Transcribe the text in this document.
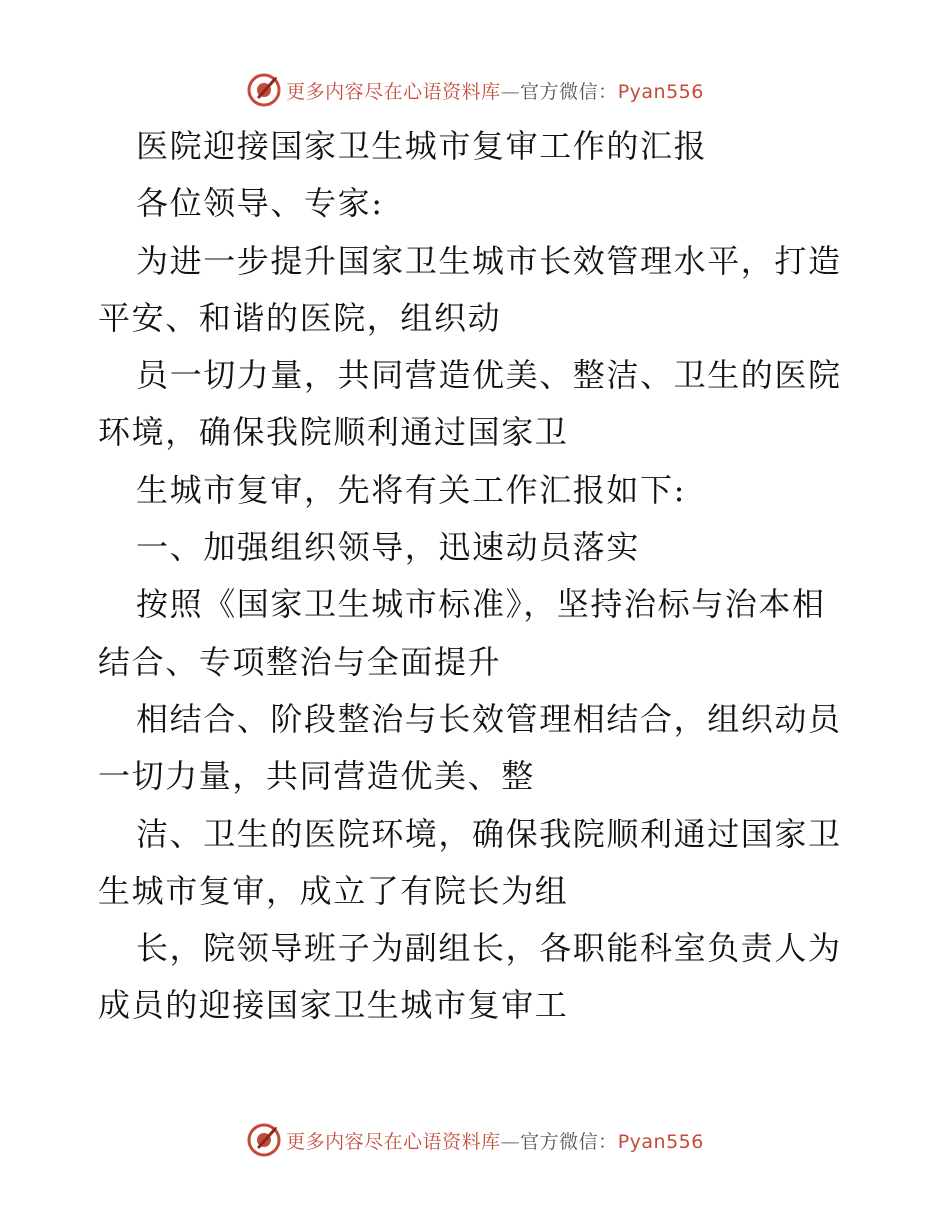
更多内容尽在心语资料库—官方微信：Pyan556
医院迎接国家卫生城市复审工作的汇报
各位领导、专家:
为进一步提升国家卫生城市长效管理水平，打造
平安、和谐的医院，组织动
员一切力量，共同营造优美、整洁、卫生的医院
环境，确保我院顺利通过国家卫
生城市复审，先将有关工作汇报如下:
一、加强组织领导，迅速动员落实
按照《国家卫生城市标准》，坚持治标与治本相
结合、专项整治与全面提升
相结合、阶段整治与长效管理相结合，组织动员
一切力量，共同营造优美、整
洁、卫生的医院环境，确保我院顺利通过国家卫
生城市复审，成立了有院长为组
长，院领导班子为副组长，各职能科室负责人为
成员的迎接国家卫生城市复审工
更多内容尽在心语资料库—官方微信：Pyan556
